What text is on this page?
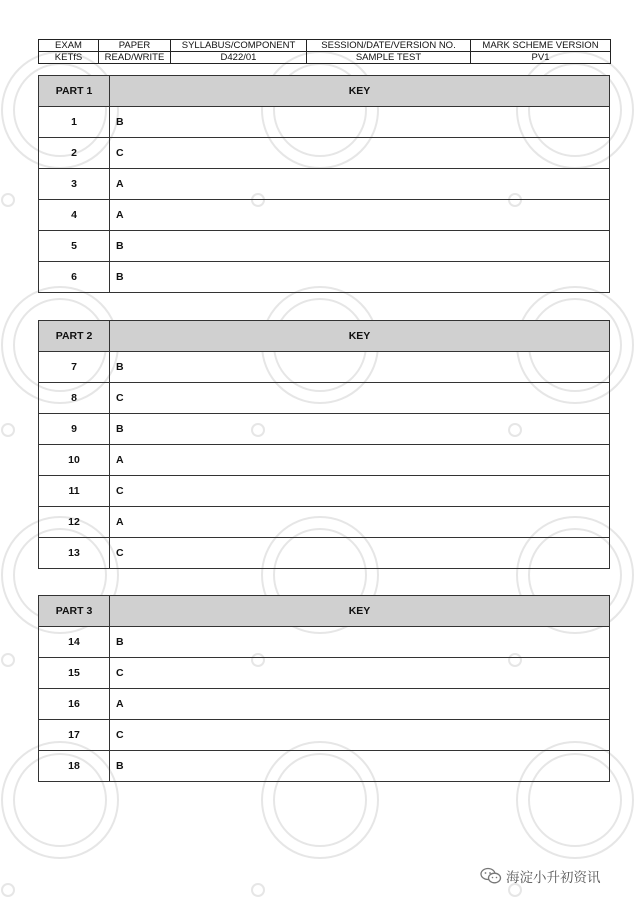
EXAM	PAPER	SYLLABUS/COMPONENT	SESSION/DATE/VERSION NO.	MARK SCHEME VERSION
KETfS	READ/WRITE	D422/01	SAMPLE TEST	PV1
PART 1	KEY
1	B
2	C
3	A
4	A
5	B
6	B
PART 2	KEY
7	B
8	C
9	B
10	A
11	C
12	A
13	C
PART 3	KEY
14	B
15	C
16	A
17	C
18	B
海淀小升初资讯
